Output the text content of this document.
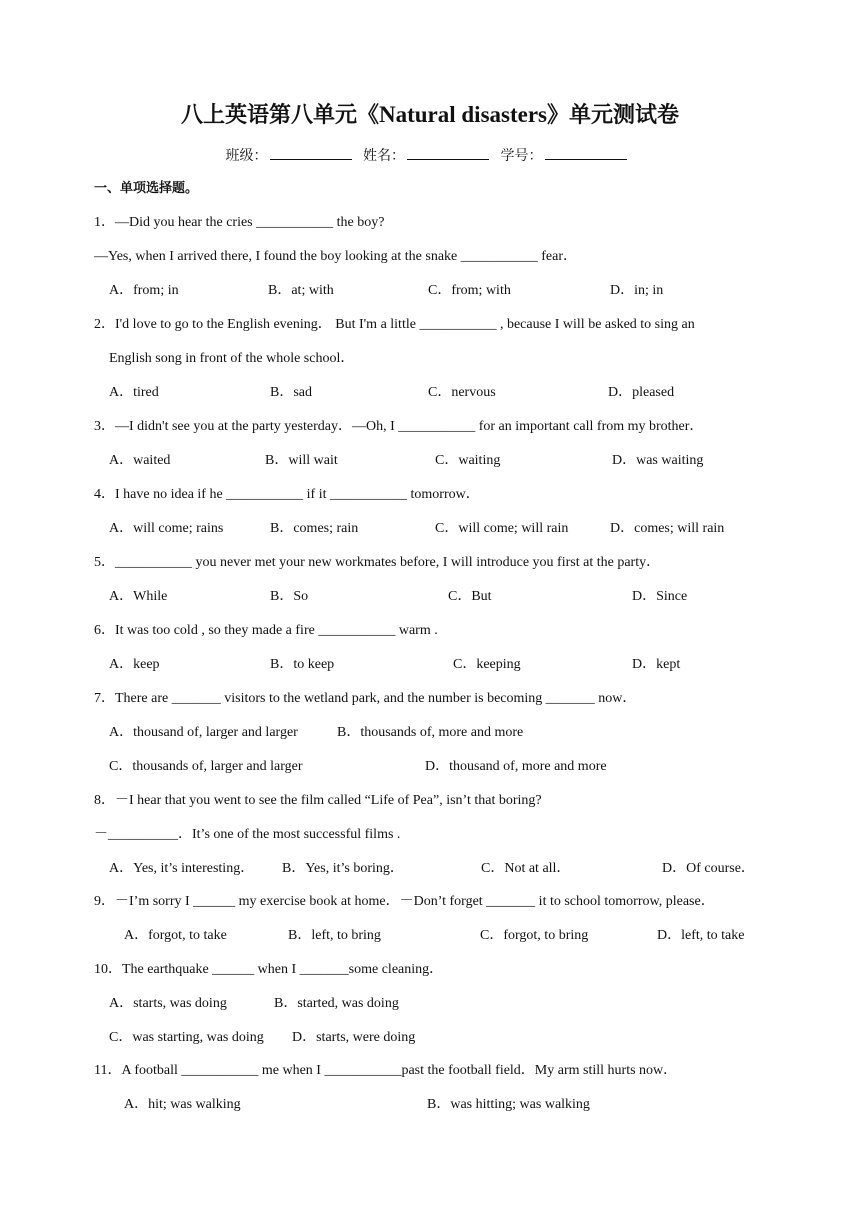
八上英语第八单元《Natural disasters》单元测试卷
班级：	姓名：	学号：
一、单项选择题。
1．—Did you hear the cries ___________ the boy?
—Yes, when I arrived there, I found the boy looking at the snake ___________ fear．
A．from; in	B．at; with	C．from; with	D．in; in
2．I'd love to go to the English evening． But I'm a little ___________ , because I will be asked to sing an
English song in front of the whole school．
A．tired	B．sad	C．nervous	D．pleased
3．—I didn't see you at the party yesterday．—Oh, I ___________ for an important call from my brother．
A．waited	B．will wait	C．waiting	D．was waiting
4．I have no idea if he ___________ if it ___________ tomorrow．
A．will come; rains	B．comes; rain	C．will come; will rain	D．comes; will rain
5．___________ you never met your new workmates before, I will introduce you first at the party．
A．While	B．So	C．But	D．Since
6．It was too cold , so they made a fire ___________ warm .
A．keep	B．to keep	C．keeping	D．kept
7．There are _______ visitors to the wetland park, and the number is becoming _______ now．
A．thousand of, larger and larger	B．thousands of, more and more
C．thousands of, larger and larger	D．thousand of, more and more
8．－I hear that you went to see the film called “Life of Pea”, isn’t that boring?
－__________．It’s one of the most successful films .
A．Yes, it’s interesting． B．Yes, it’s boring．	C．Not at all．	D．Of course．
9．－I’m sorry I ______ my exercise book at home．－Don’t forget _______ it to school tomorrow, please．
A．forgot, to take	B．left, to bring	C．forgot, to bring	D．left, to take
10．The earthquake ______ when I _______some cleaning．
A．starts, was doing	B．started, was doing
C．was starting, was doing D．starts, were doing
11．A football ___________ me when I ___________past the football field．My arm still hurts now．
A．hit; was walking	B．was hitting; was walking
